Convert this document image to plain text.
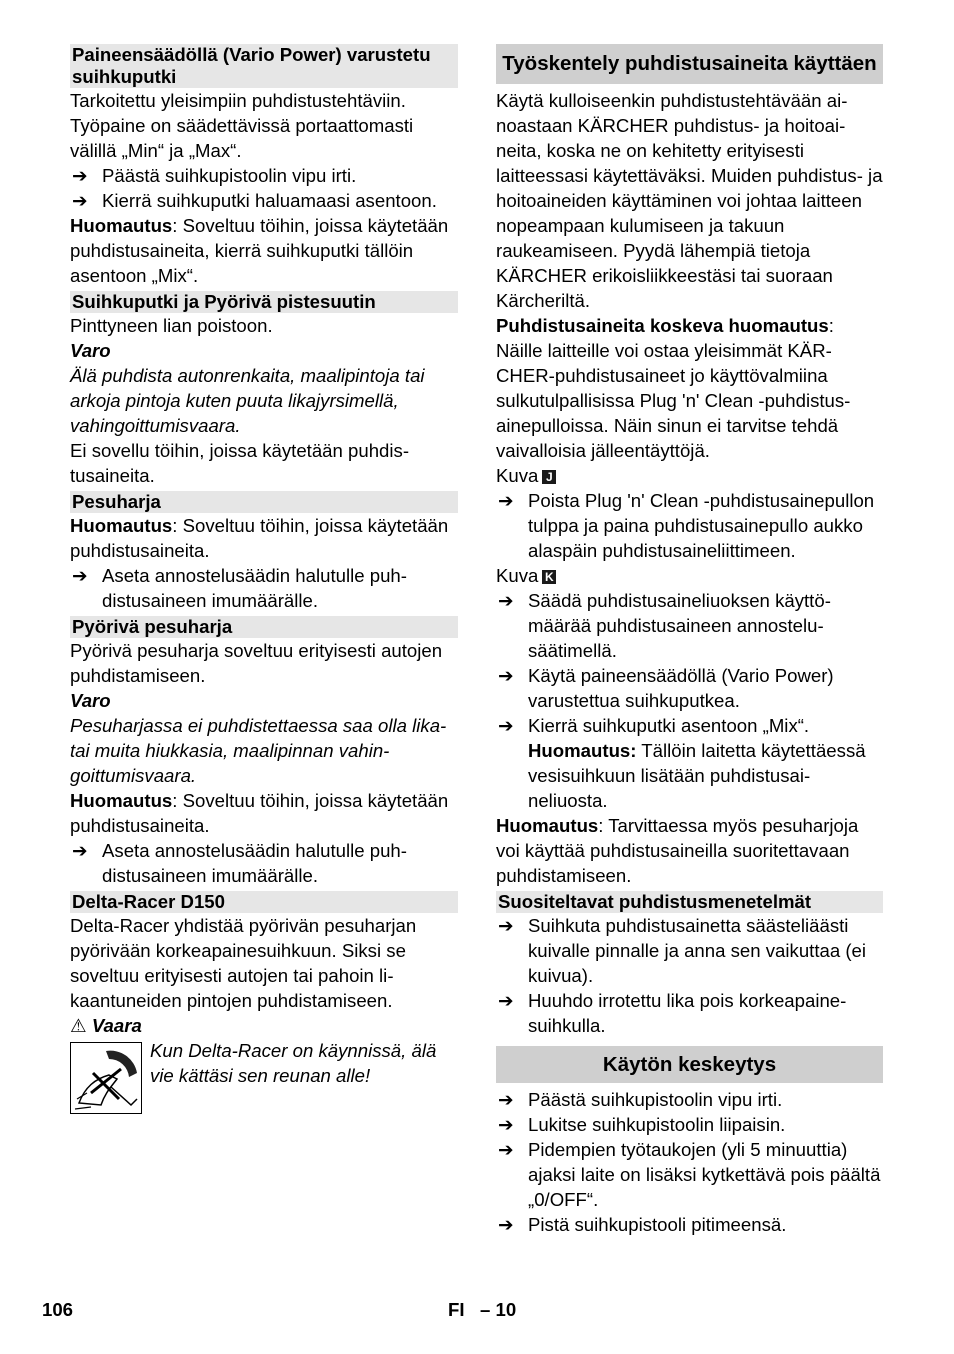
Paineensäädöllä (Vario Power) varustetu suihkuputki

Tarkoitettu yleisimpiin puhdistustehtäviin. Työpaine on säädettävissä portaattomasti välillä „Min“ ja „Max“.

➔ Päästä suihkupistoolin vipu irti.

➔ Kierrä suihkuputki haluamaasi asentoon.

Huomautus: Soveltuu töihin, joissa käytetään puhdistusaineita, kierrä suihkuputki tällöin asentoon „Mix“.

Suihkuputki ja Pyörivä pistesuutin

Pinttyneen lian poistoon.

Varo

Älä puhdista autonrenkaita, maalipintoja tai arkoja pintoja kuten puuta likajyrsimellä, vahingoittumisvaara.

Ei sovellu töihin, joissa käytetään puhdistusaineita.

Pesuharja

Huomautus: Soveltuu töihin, joissa käytetään puhdistusaineita.

➔ Aseta annostelusäädin halutulle puhdistusaineen imumäärälle.

Pyörivä pesuharja

Pyörivä pesuharja soveltuu erityisesti autojen puhdistamiseen.

Varo

Pesuharjassa ei puhdistettaessa saa olla lika- tai muita hiukkasia, maalipinnan vahingoittumisvaara.

Huomautus: Soveltuu töihin, joissa käytetään puhdistusaineita.

➔ Aseta annostelusäädin halutulle puhdistusaineen imumäärälle.

Delta-Racer D150

Delta-Racer yhdistää pyörivän pesuharjan pyörivään korkeapainesuihkuun. Siksi se soveltuu erityisesti autojen tai pahoin likaantuneiden pintojen puhdistamiseen.

⚠ Vaara

Kun Delta-Racer on käynnissä, älä vie kättäsi sen reunan alle!

Työskentely puhdistusaineita käyttäen

Käytä kulloiseenkin puhdistustehtävään ainoastaan KÄRCHER puhdistus- ja hoitoaineita, koska ne on kehitetty erityisesti laitteessasi käytettäväksi. Muiden puhdistus- ja hoitoaineiden käyttäminen voi johtaa laitteen nopeampaan kulumiseen ja takuun raukeamiseen. Pyydä lähempiä tietoja KÄRCHER erikoisliikkeestäsi tai suoraan Kärcheriltä.

Puhdistusaineita koskeva huomautus: Näille laitteille voi ostaa yleisimmät KÄRCHER-puhdistusaineet jo käyttövalmiina sulkutulpallisissa Plug 'n' Clean -puhdistusainepulloissa. Näin sinun ei tarvitse tehdä vaivalloisia jälleentäyttöjä.

Kuva J

➔ Poista Plug 'n' Clean -puhdistusainepullon tulppa ja paina puhdistusainepullo aukko alaspäin puhdistusaineliittimeen.

Kuva K

➔ Säädä puhdistusaineliuoksen käyttömäärää puhdistusaineen annostelusäätimellä.

➔ Käytä paineensäädöllä (Vario Power) varustettua suihkuputkea.

➔ Kierrä suihkuputki asentoon „Mix“.
Huomautus: Tällöin laitetta käytettäessä vesisuihkuun lisätään puhdistusaineliuosta.

Huomautus: Tarvittaessa myös pesuharjoja voi käyttää puhdistusaineilla suoritettavaan puhdistamiseen.

Suositeltavat puhdistusmenetelmät

➔ Suihkuta puhdistusainetta säästeliäästi kuivalle pinnalle ja anna sen vaikuttaa (ei kuivua).

➔ Huuhdo irrotettu lika pois korkeapainesuihkulla.

Käytön keskeytys

➔ Päästä suihkupistoolin vipu irti.

➔ Lukitse suihkupistoolin liipaisin.

➔ Pidempien työtaukojen (yli 5 minuuttia) ajaksi laite on lisäksi kytkettävä pois päältä „0/OFF“.

➔ Pistä suihkupistooli pitimeensä.

106	FI   – 10
